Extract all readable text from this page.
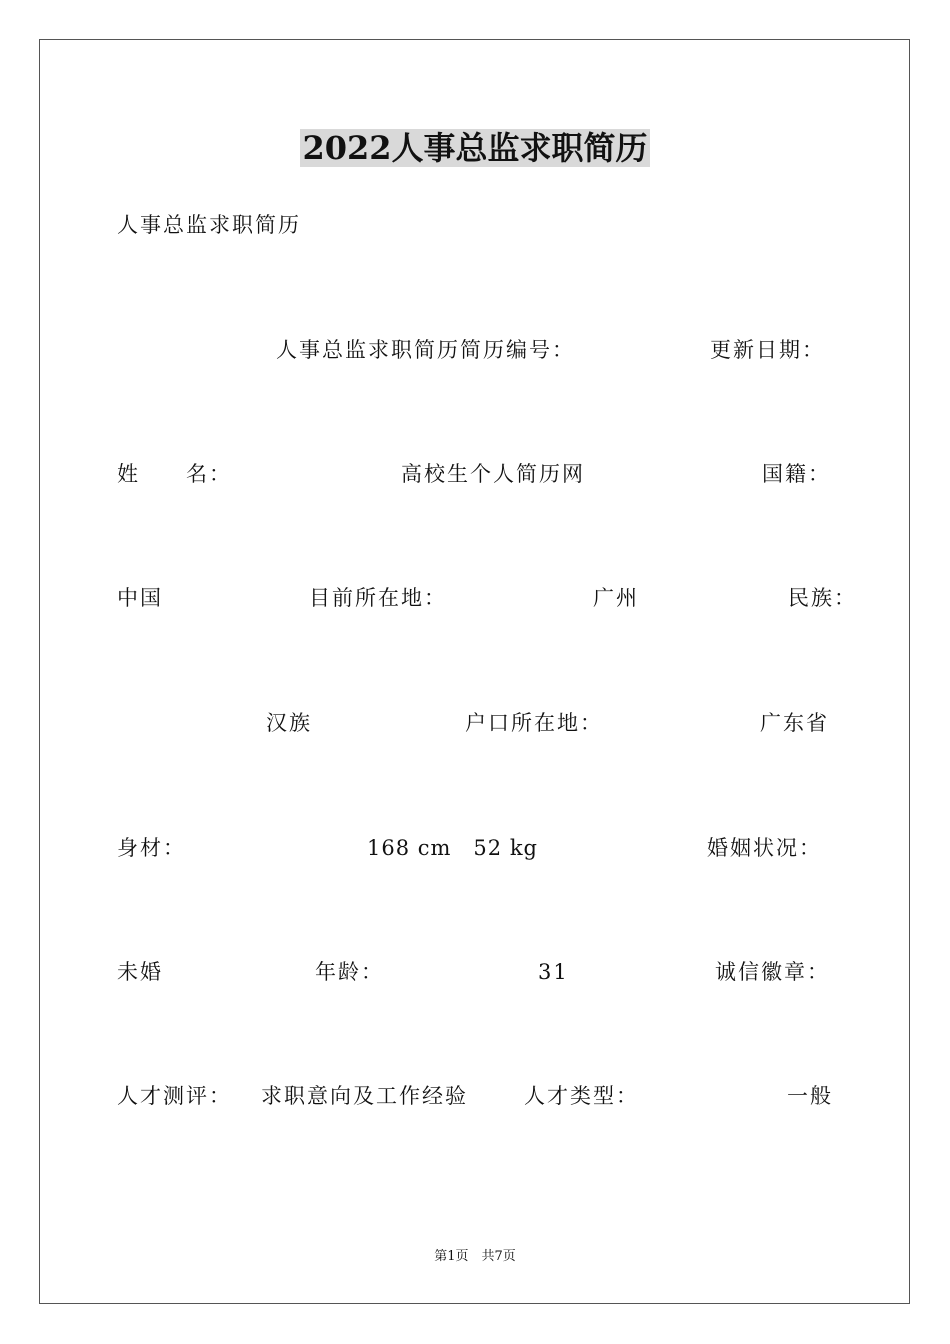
2022人事总监求职简历
人事总监求职简历
人事总监求职简历简历编号：	更新日期：
姓　　名：	高校生个人简历网	国籍：
中国	目前所在地：	广州	民族：
汉族	户口所在地：	广东省
身材：	168 cm　52 kg	婚姻状况：
未婚	年龄：	31	诚信徽章：
人才测评： 求职意向及工作经验	人才类型：	一般
第1页　共7页
